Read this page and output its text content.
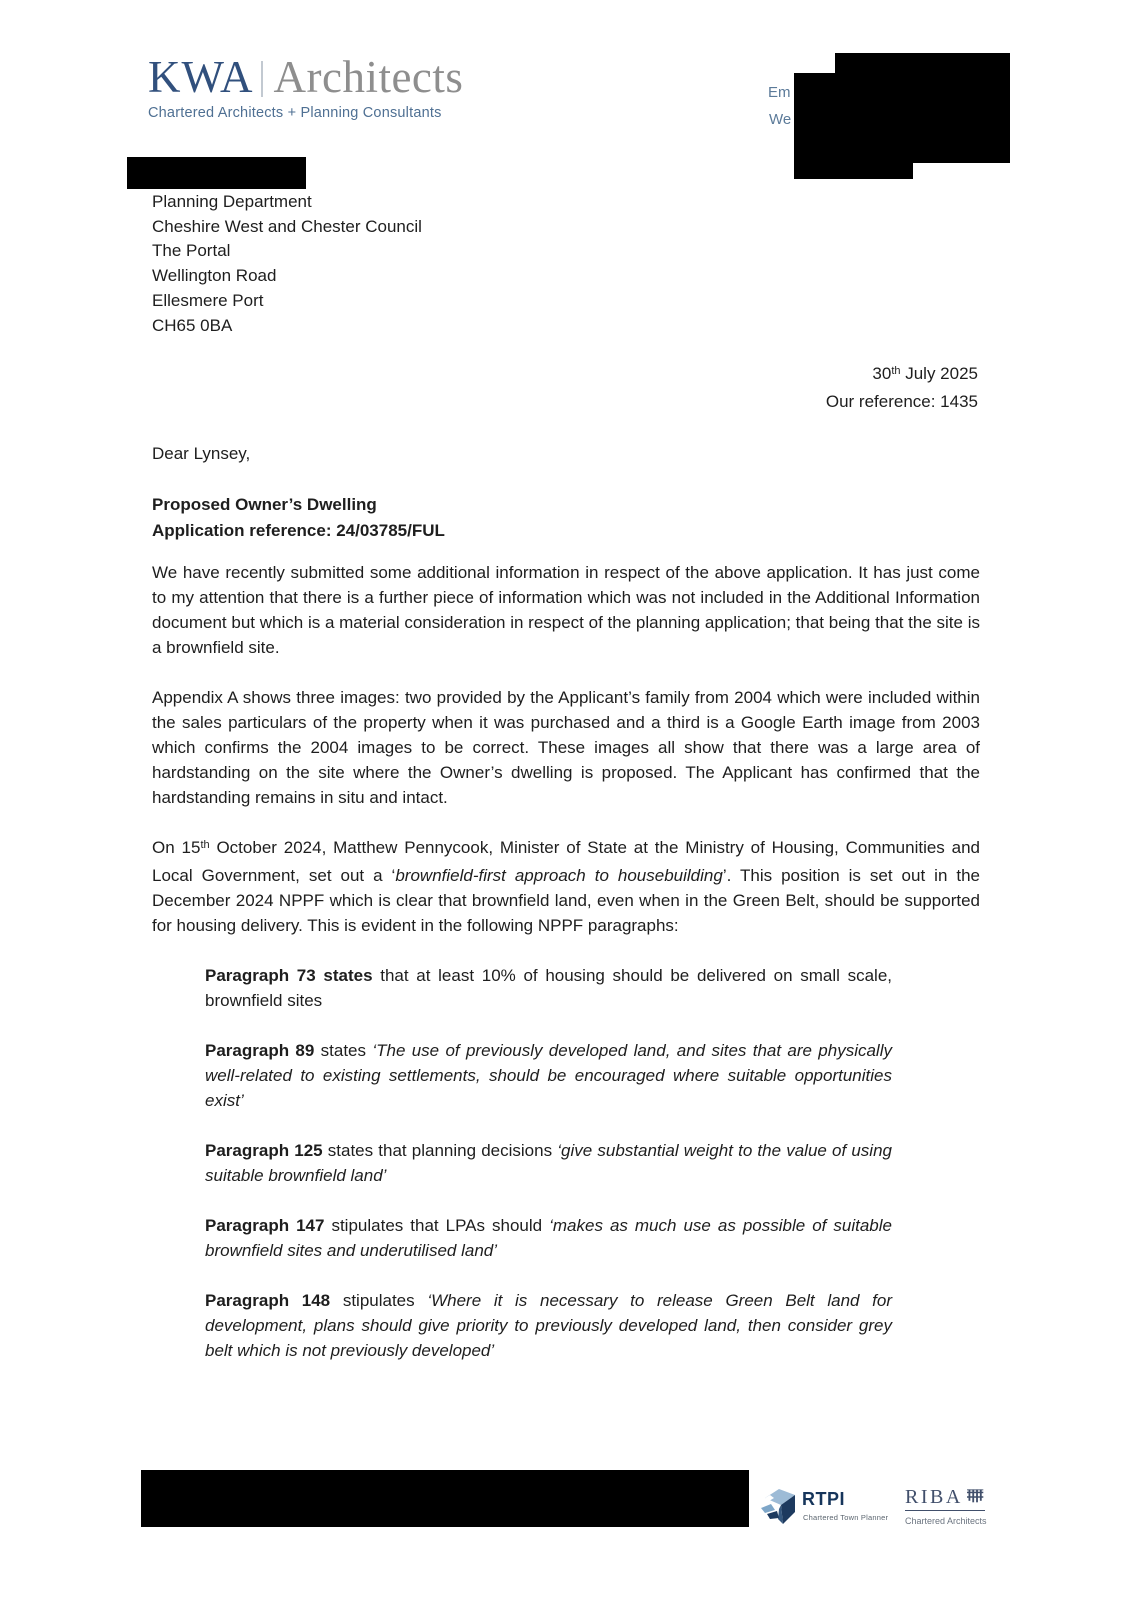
KWA Architects
Chartered Architects + Planning Consultants
Em
We
Planning Department
Cheshire West and Chester Council
The Portal
Wellington Road
Ellesmere Port
CH65 0BA
30th July 2025
Our reference: 1435
Dear Lynsey,
Proposed Owner’s Dwelling
Application reference: 24/03785/FUL

We have recently submitted some additional information in respect of the above application. It has just come to my attention that there is a further piece of information which was not included in the Additional Information document but which is a material consideration in respect of the planning application; that being that the site is a brownfield site.

Appendix A shows three images: two provided by the Applicant’s family from 2004 which were included within the sales particulars of the property when it was purchased and a third is a Google Earth image from 2003 which confirms the 2004 images to be correct. These images all show that there was a large area of hardstanding on the site where the Owner’s dwelling is proposed. The Applicant has confirmed that the hardstanding remains in situ and intact.

On 15th October 2024, Matthew Pennycook, Minister of State at the Ministry of Housing, Communities and Local Government, set out a ‘brownfield-first approach to housebuilding’. This position is set out in the December 2024 NPPF which is clear that brownfield land, even when in the Green Belt, should be supported for housing delivery. This is evident in the following NPPF paragraphs:

Paragraph 73 states that at least 10% of housing should be delivered on small scale, brownfield sites

Paragraph 89 states ‘The use of previously developed land, and sites that are physically well-related to existing settlements, should be encouraged where suitable opportunities exist’

Paragraph 125 states that planning decisions ‘give substantial weight to the value of using suitable brownfield land’

Paragraph 147 stipulates that LPAs should ‘makes as much use as possible of suitable brownfield sites and underutilised land’

Paragraph 148 stipulates ‘Where it is necessary to release Green Belt land for development, plans should give priority to previously developed land, then consider grey belt which is not previously developed’

RTPI
Chartered Town Planner
RIBA
Chartered Architects
